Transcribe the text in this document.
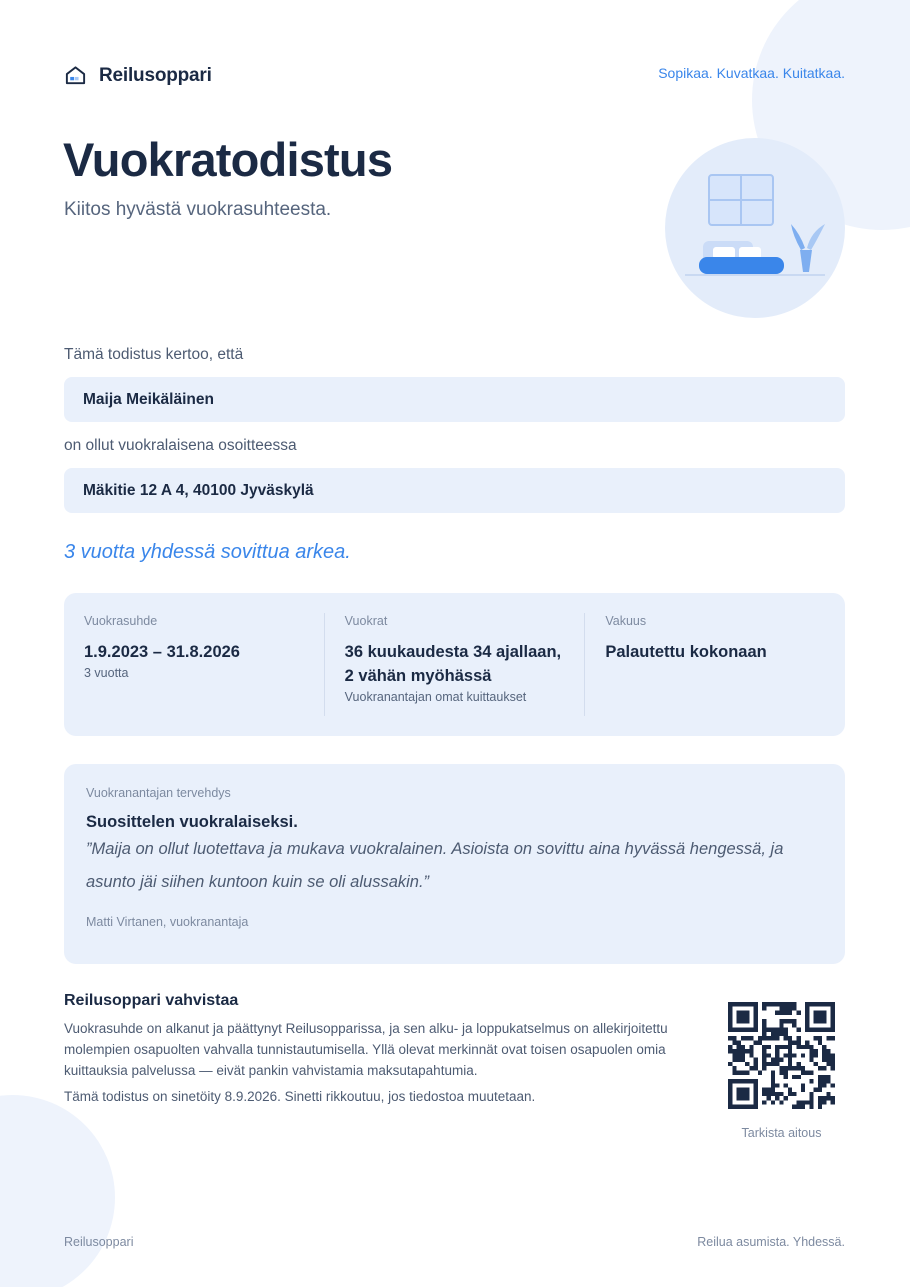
Reilusoppari	Sopikaa. Kuvatkaa. Kuitatkaa.
Vuokratodistus
Kiitos hyvästä vuokrasuhteesta.
Tämä todistus kertoo, että
Maija Meikäläinen
on ollut vuokralaisena osoitteessa
Mäkitie 12 A 4, 40100 Jyväskylä
3 vuotta yhdessä sovittua arkea.
Vuokrasuhde
1.9.2023 – 31.8.2026
3 vuotta
Vuokrat
36 kuukaudesta 34 ajallaan, 2 vähän myöhässä
Vuokranantajan omat kuittaukset
Vakuus
Palautettu kokonaan
Vuokranantajan tervehdys
Suosittelen vuokralaiseksi.
”Maija on ollut luotettava ja mukava vuokralainen. Asioista on sovittu aina hyvässä hengessä, ja asunto jäi siihen kuntoon kuin se oli alussakin.”
Matti Virtanen, vuokranantaja
Reilusoppari vahvistaa
Vuokrasuhde on alkanut ja päättynyt Reilusopparissa, ja sen alku- ja loppukatselmus on allekirjoitettu molempien osapuolten vahvalla tunnistautumisella. Yllä olevat merkinnät ovat toisen osapuolen omia kuittauksia palvelussa — eivät pankin vahvistamia maksutapahtumia.
Tämä todistus on sinetöity 8.9.2026. Sinetti rikkoutuu, jos tiedostoa muutetaan.
Tarkista aitous
Reilusoppari	Reilua asumista. Yhdessä.
